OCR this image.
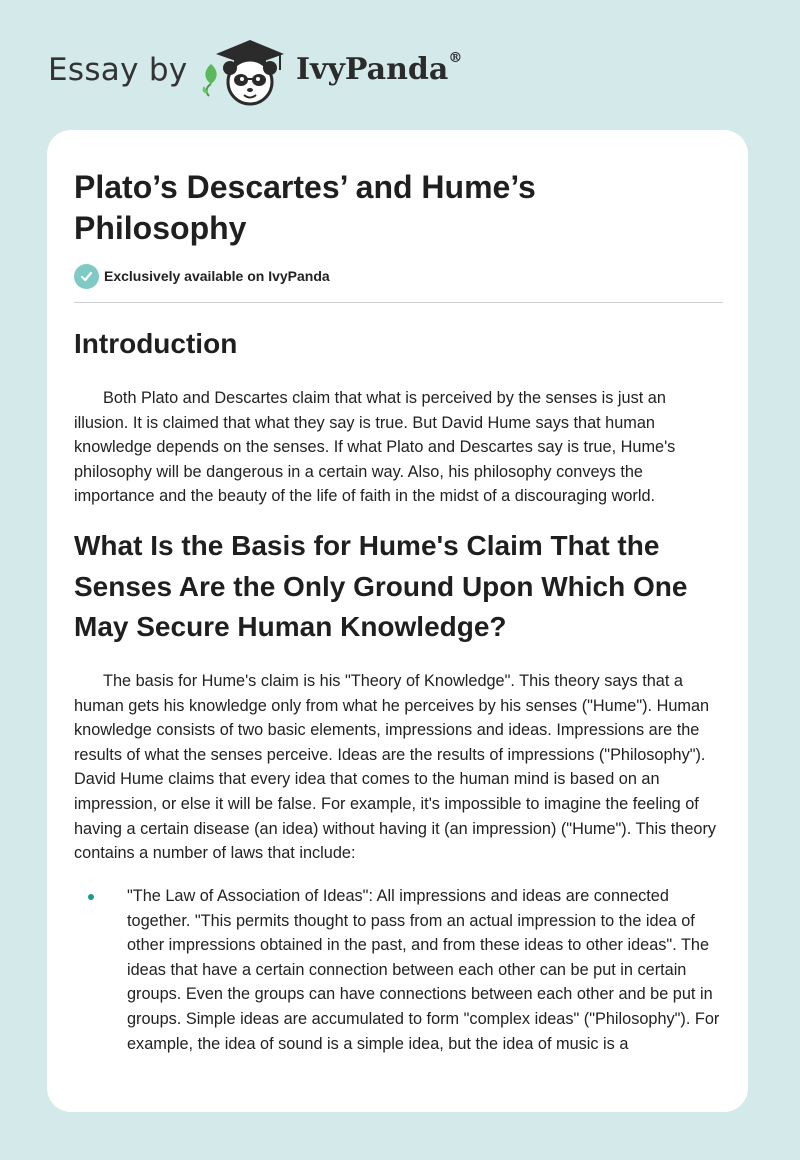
Essay by	IvyPanda®
Plato’s Descartes’ and Hume’s Philosophy
Exclusively available on IvyPanda
Introduction

Both Plato and Descartes claim that what is perceived by the senses is just an illusion. It is claimed that what they say is true. But David Hume says that human knowledge depends on the senses. If what Plato and Descartes say is true, Hume's philosophy will be dangerous in a certain way. Also, his philosophy conveys the importance and the beauty of the life of faith in the midst of a discouraging world.

What Is the Basis for Hume's Claim That the Senses Are the Only Ground Upon Which One May Secure Human Knowledge?

The basis for Hume's claim is his "Theory of Knowledge". This theory says that a human gets his knowledge only from what he perceives by his senses ("Hume"). Human knowledge consists of two basic elements, impressions and ideas. Impressions are the results of what the senses perceive. Ideas are the results of impressions ("Philosophy"). David Hume claims that every idea that comes to the human mind is based on an impression, or else it will be false. For example, it's impossible to imagine the feeling of having a certain disease (an idea) without having it (an impression) ("Hume"). This theory contains a number of laws that include:

"The Law of Association of Ideas": All impressions and ideas are connected together. "This permits thought to pass from an actual impression to the idea of other impressions obtained in the past, and from these ideas to other ideas". The ideas that have a certain connection between each other can be put in certain groups. Even the groups can have connections between each other and be put in groups. Simple ideas are accumulated to form "complex ideas" ("Philosophy"). For example, the idea of sound is a simple idea, but the idea of music is a
